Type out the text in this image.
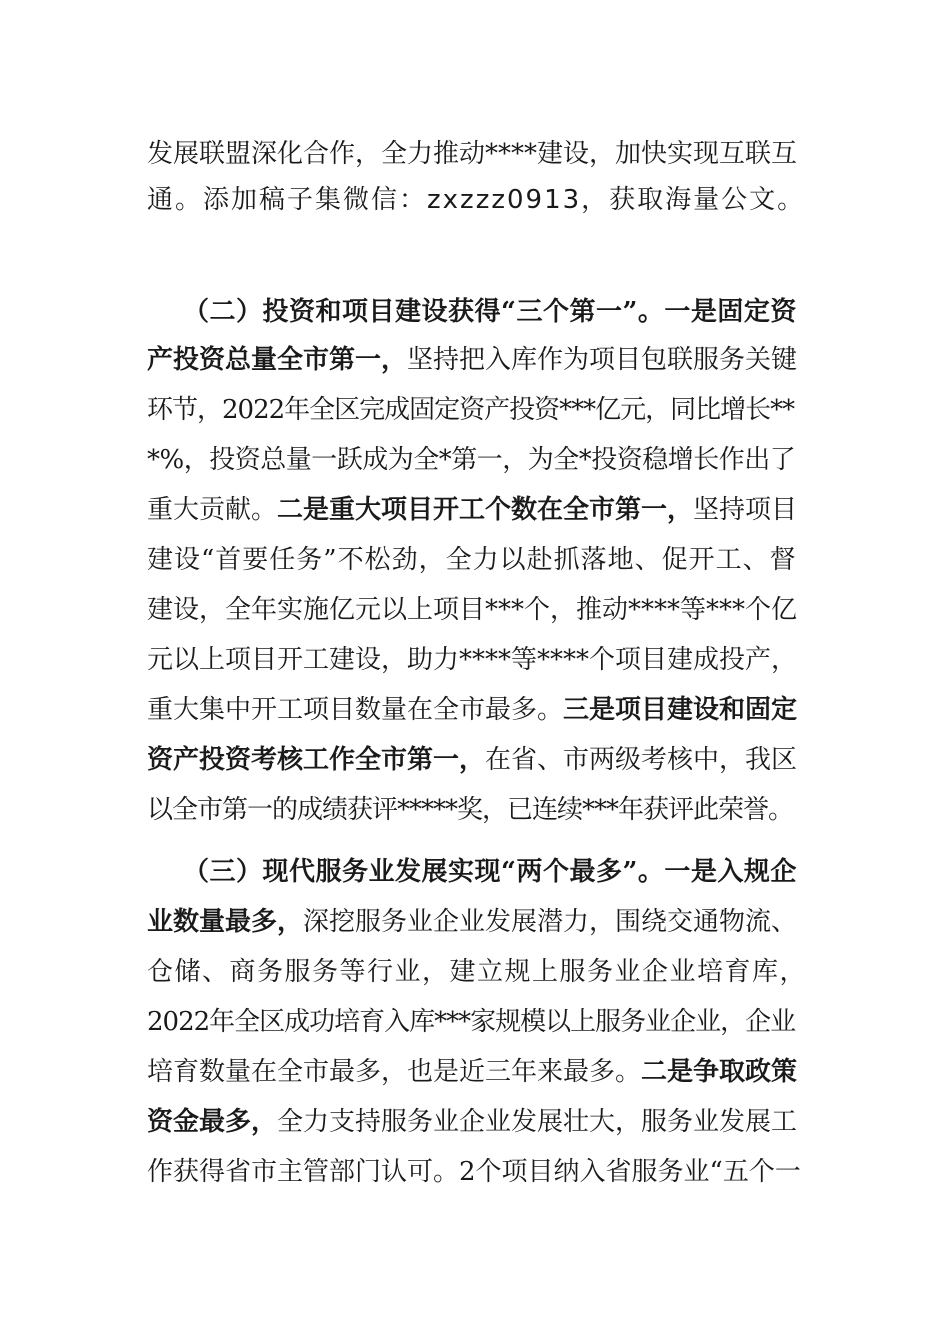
发展联盟深化合作，全力推动****建设，加快实现互联互
通。添加稿子集微信：zxzzz0913，获取海量公文。
（二）投资和项目建设获得“三个第一”。一是固定资
产投资总量全市第一，坚持把入库作为项目包联服务关键
环节，2022年全区完成固定资产投资***亿元，同比增长**
*%，投资总量一跃成为全*第一，为全*投资稳增长作出了
重大贡献。二是重大项目开工个数在全市第一，坚持项目
建设“首要任务”不松劲，全力以赴抓落地、促开工、督
建设，全年实施亿元以上项目***个，推动****等***个亿
元以上项目开工建设，助力****等****个项目建成投产，
重大集中开工项目数量在全市最多。三是项目建设和固定
资产投资考核工作全市第一，在省、市两级考核中，我区
以全市第一的成绩获评*****奖，已连续***年获评此荣誉。
（三）现代服务业发展实现“两个最多”。一是入规企
业数量最多，深挖服务业企业发展潜力，围绕交通物流、
仓储、商务服务等行业，建立规上服务业企业培育库，
2022年全区成功培育入库***家规模以上服务业企业，企业
培育数量在全市最多，也是近三年来最多。二是争取政策
资金最多，全力支持服务业企业发展壮大，服务业发展工
作获得省市主管部门认可。2个项目纳入省服务业“五个一
